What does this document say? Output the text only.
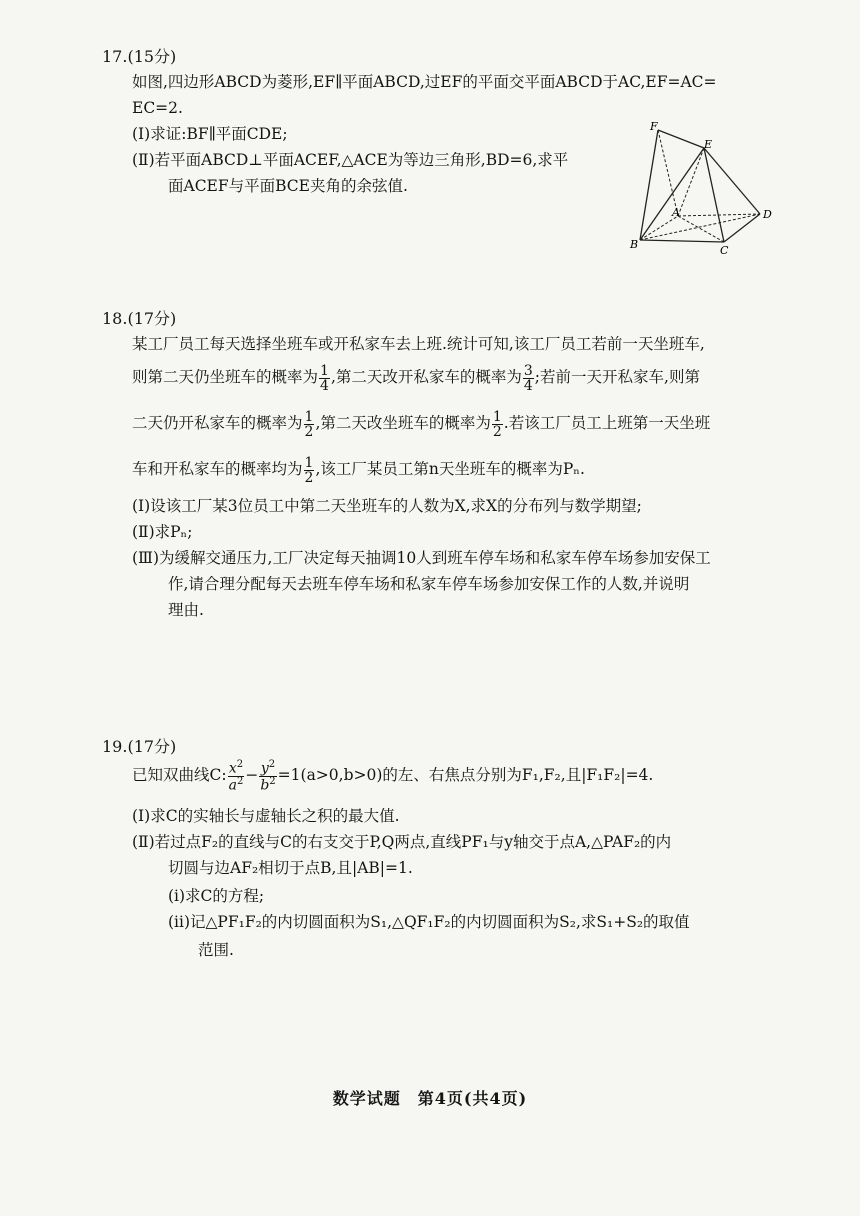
17.(15分)
如图,四边形ABCD为菱形,EF∥平面ABCD,过EF的平面交平面ABCD于AC,EF=AC=
EC=2.
(Ⅰ)求证:BF∥平面CDE;
(Ⅱ)若平面ABCD⊥平面ACEF,△ACE为等边三角形,BD=6,求平
面ACEF与平面BCE夹角的余弦值.
F
E
A	D
B	C
18.(17分)
某工厂员工每天选择坐班车或开私家车去上班.统计可知,该工厂员工若前一天坐班车,
则第二天仍坐班车的概率为 $\frac{1}{4}$ ,第二天改开私家车的概率为 $\frac{3}{4}$ ;若前一天开私家车,则第
二天仍开私家车的概率为 $\frac{1}{2}$ ,第二天改坐班车的概率为 $\frac{1}{2}$ .若该工厂员工上班第一天坐班
车和开私家车的概率均为 $\frac{1}{2}$ ,该工厂某员工第n天坐班车的概率为Pₙ.
(Ⅰ)设该工厂某3位员工中第二天坐班车的人数为X,求X的分布列与数学期望;
(Ⅱ)求Pₙ;
(Ⅲ)为缓解交通压力,工厂决定每天抽调10人到班车停车场和私家车停车场参加安保工
作,请合理分配每天去班车停车场和私家车停车场参加安保工作的人数,并说明
理由.
19.(17分)
已知双曲线C: $\frac{x^2}{a^2} - \frac{y^2}{b^2} =1(a>0,b>0)$的左、右焦点分别为F₁,F₂,且|F₁F₂|=4.
(Ⅰ)求C的实轴长与虚轴长之积的最大值.
(Ⅱ)若过点F₂的直线与C的右支交于P,Q两点,直线PF₁与y轴交于点A,△PAF₂的内
切圆与边AF₂相切于点B,且|AB|=1.
(ⅰ)求C的方程;
(ⅱ)记△PF₁F₂的内切圆面积为S₁,△QF₁F₂的内切圆面积为S₂,求S₁+S₂的取值
范围.
数学试题　第4页(共4页)
